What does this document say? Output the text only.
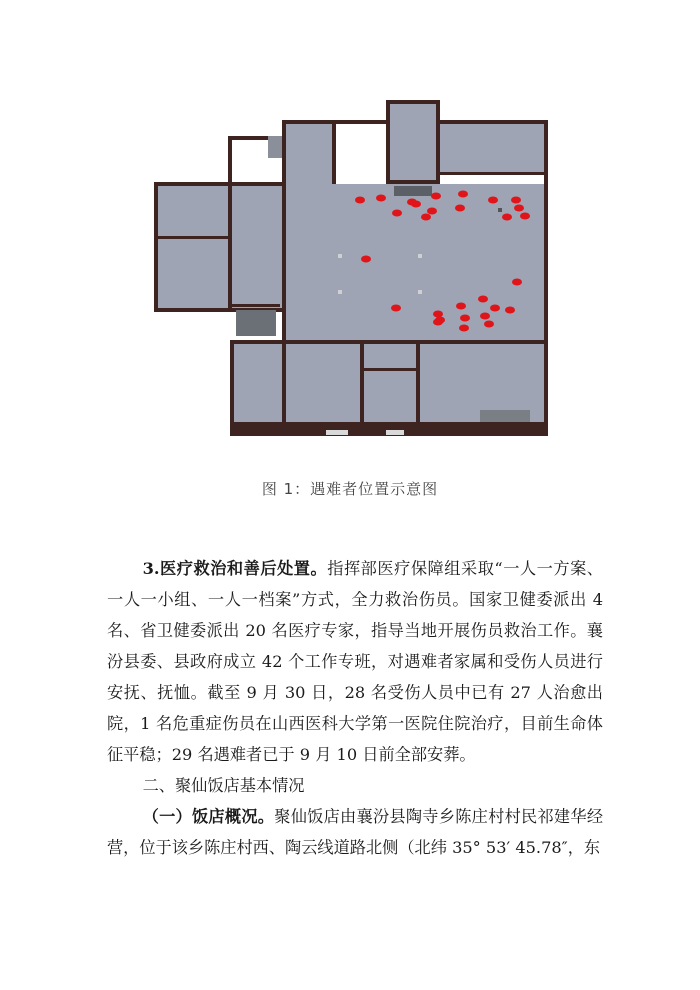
图 1：遇难者位置示意图

3.医疗救治和善后处置。指挥部医疗保障组采取“一人一方案、一人一小组、一人一档案”方式，全力救治伤员。国家卫健委派出 4 名、省卫健委派出 20 名医疗专家，指导当地开展伤员救治工作。襄汾县委、县政府成立 42 个工作专班，对遇难者家属和受伤人员进行安抚、抚恤。截至 9 月 30 日，28 名受伤人员中已有 27 人治愈出院，1 名危重症伤员在山西医科大学第一医院住院治疗，目前生命体征平稳；29 名遇难者已于 9 月 10 日前全部安葬。

二、聚仙饭店基本情况

（一）饭店概况。聚仙饭店由襄汾县陶寺乡陈庄村村民祁建华经营，位于该乡陈庄村西、陶云线道路北侧（北纬 35° 53′ 45.78″，东
